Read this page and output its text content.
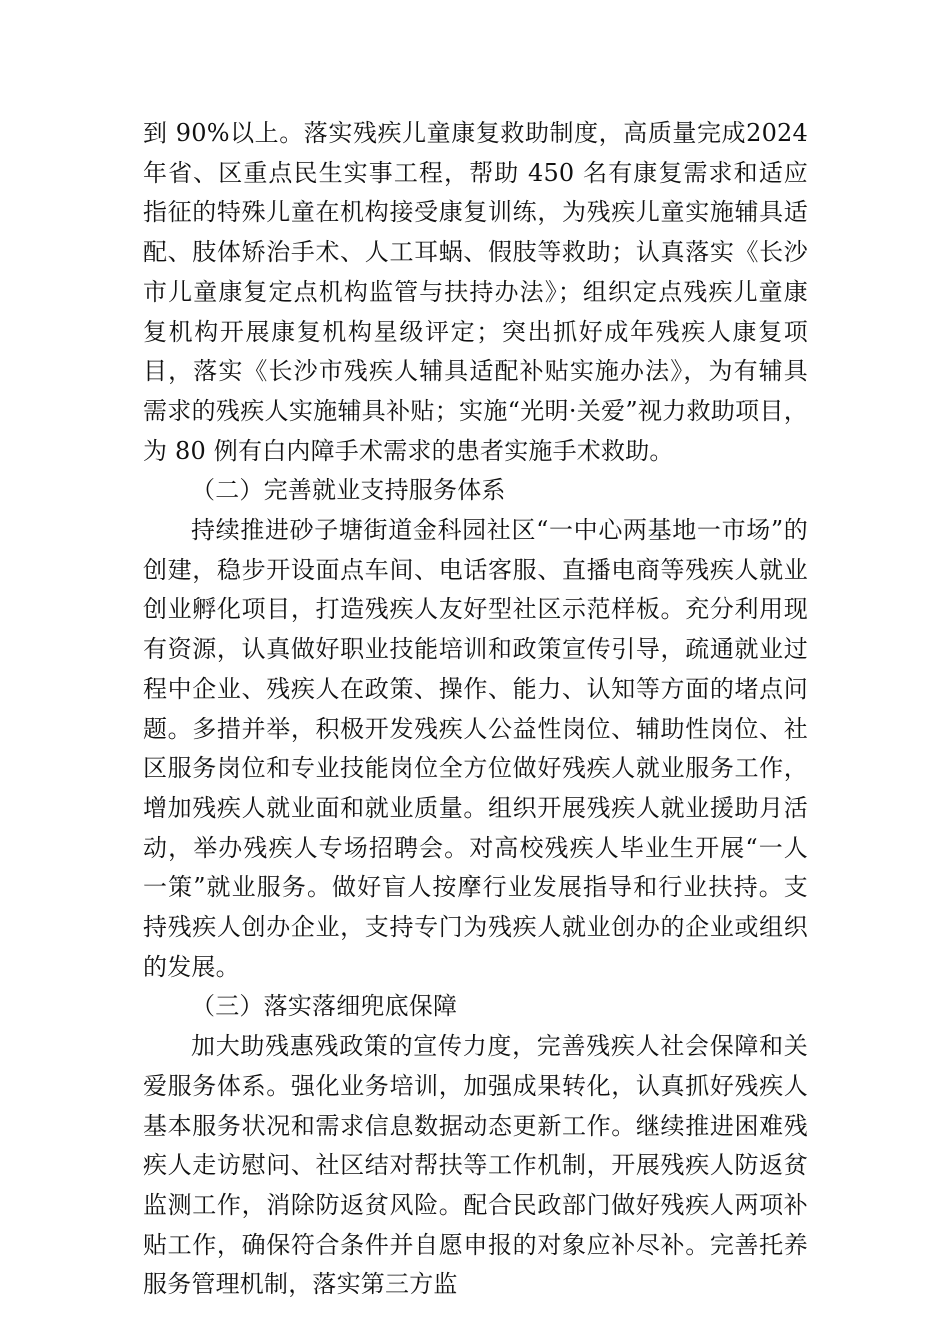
到 90%以上。落实残疾儿童康复救助制度，高质量完成2024 年省、区重点民生实事工程，帮助 450 名有康复需求和适应指征的特殊儿童在机构接受康复训练，为残疾儿童实施辅具适配、肢体矫治手术、人工耳蜗、假肢等救助；认真落实《长沙市儿童康复定点机构监管与扶持办法》；组织定点残疾儿童康复机构开展康复机构星级评定；突出抓好成年残疾人康复项目，落实《长沙市残疾人辅具适配补贴实施办法》，为有辅具需求的残疾人实施辅具补贴；实施“光明·关爱”视力救助项目，为 80 例有白内障手术需求的患者实施手术救助。

（二）完善就业支持服务体系

持续推进砂子塘街道金科园社区“一中心两基地一市场”的创建，稳步开设面点车间、电话客服、直播电商等残疾人就业创业孵化项目，打造残疾人友好型社区示范样板。充分利用现有资源，认真做好职业技能培训和政策宣传引导，疏通就业过程中企业、残疾人在政策、操作、能力、认知等方面的堵点问题。多措并举，积极开发残疾人公益性岗位、辅助性岗位、社区服务岗位和专业技能岗位全方位做好残疾人就业服务工作，增加残疾人就业面和就业质量。组织开展残疾人就业援助月活动，举办残疾人专场招聘会。对高校残疾人毕业生开展“一人一策”就业服务。做好盲人按摩行业发展指导和行业扶持。支持残疾人创办企业，支持专门为残疾人就业创办的企业或组织的发展。

（三）落实落细兜底保障

加大助残惠残政策的宣传力度，完善残疾人社会保障和关爱服务体系。强化业务培训，加强成果转化，认真抓好残疾人基本服务状况和需求信息数据动态更新工作。继续推进困难残疾人走访慰问、社区结对帮扶等工作机制，开展残疾人防返贫监测工作，消除防返贫风险。配合民政部门做好残疾人两项补贴工作，确保符合条件并自愿申报的对象应补尽补。完善托养服务管理机制，落实第三方监
